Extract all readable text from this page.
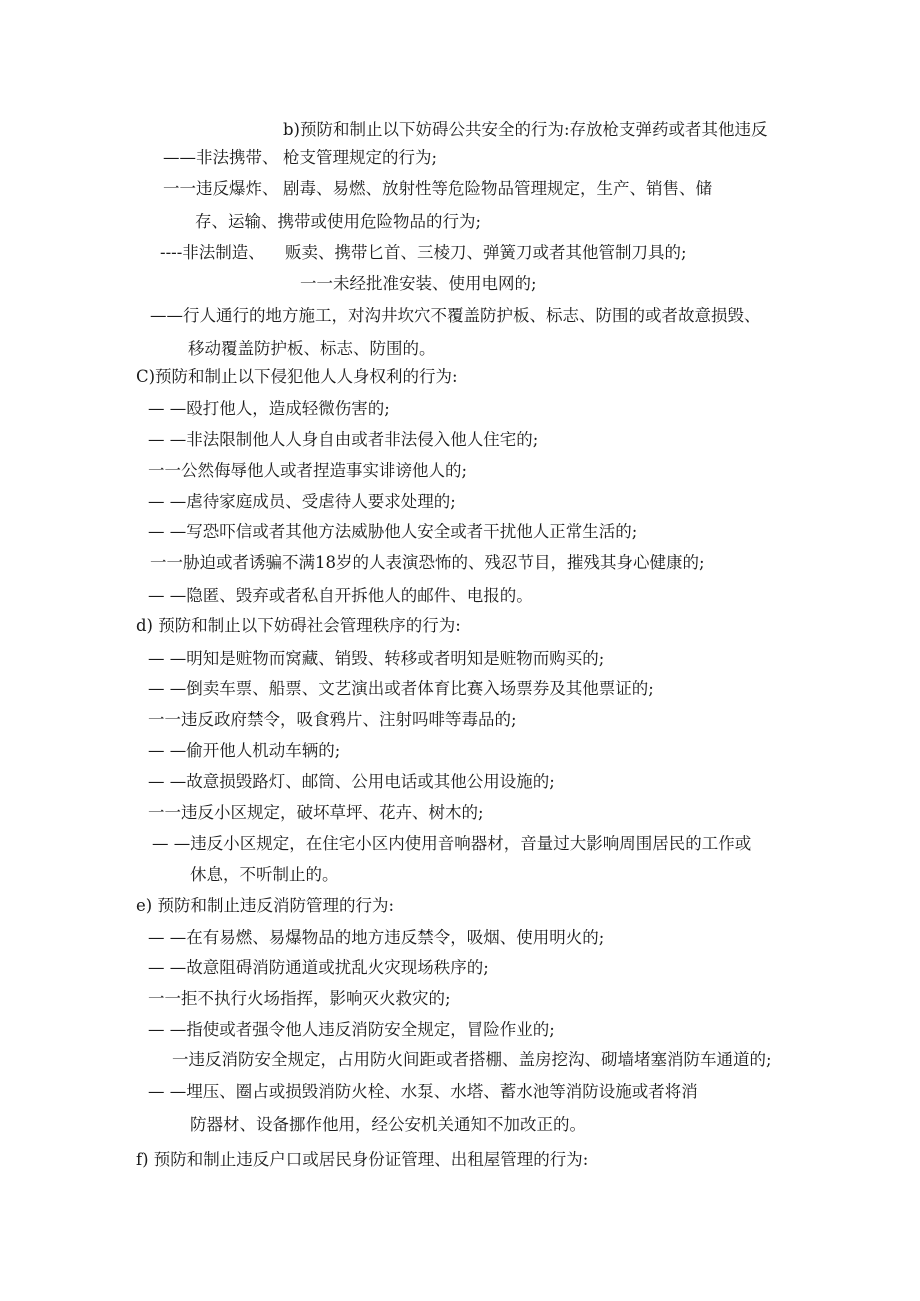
b)预防和制止以下妨碍公共安全的行为:存放枪支弹药或者其他违反

——非法携带、 枪支管理规定的行为;

一一违反爆炸、 剧毒、易燃、放射性等危险物品管理规定，生产、销售、储

存、运输、携带或使用危险物品的行为;

----非法制造、 贩卖、携带匕首、三棱刀、弹簧刀或者其他管制刀具的;

一一未经批准安装、使用电网的;

——行人通行的地方施工，对沟井坎穴不覆盖防护板、标志、防围的或者故意损毁、

移动覆盖防护板、标志、防围的。

C)预防和制止以下侵犯他人人身权利的行为:

— —殴打他人，造成轻微伤害的;

— —非法限制他人人身自由或者非法侵入他人住宅的;

一一公然侮辱他人或者捏造事实诽谤他人的;

— —虐待家庭成员、受虐待人要求处理的;

— —写恐吓信或者其他方法威胁他人安全或者干扰他人正常生活的;

一一胁迫或者诱骗不满18岁的人表演恐怖的、残忍节目，摧残其身心健康的;

— —隐匿、毁弃或者私自开拆他人的邮件、电报的。

d) 预防和制止以下妨碍社会管理秩序的行为:

— —明知是赃物而窝藏、销毁、转移或者明知是赃物而购买的;

— —倒卖车票、船票、文艺演出或者体育比赛入场票券及其他票证的;

一一违反政府禁令，吸食鸦片、注射吗啡等毒品的;

— —偷开他人机动车辆的;

— —故意损毁路灯、邮筒、公用电话或其他公用设施的;

一一违反小区规定，破坏草坪、花卉、树木的;

— —违反小区规定，在住宅小区内使用音响器材，音量过大影响周围居民的工作或

休息，不听制止的。

e) 预防和制止违反消防管理的行为:

— —在有易燃、易爆物品的地方违反禁令，吸烟、使用明火的;

— —故意阻碍消防通道或扰乱火灾现场秩序的;

一一拒不执行火场指挥，影响灭火救灾的;

— —指使或者强令他人违反消防安全规定，冒险作业的;

一违反消防安全规定，占用防火间距或者搭棚、盖房挖沟、砌墙堵塞消防车通道的;

— —埋压、圈占或损毁消防火栓、水泵、水塔、蓄水池等消防设施或者将消

防器材、设备挪作他用，经公安机关通知不加改正的。

f) 预防和制止违反户口或居民身份证管理、出租屋管理的行为:
